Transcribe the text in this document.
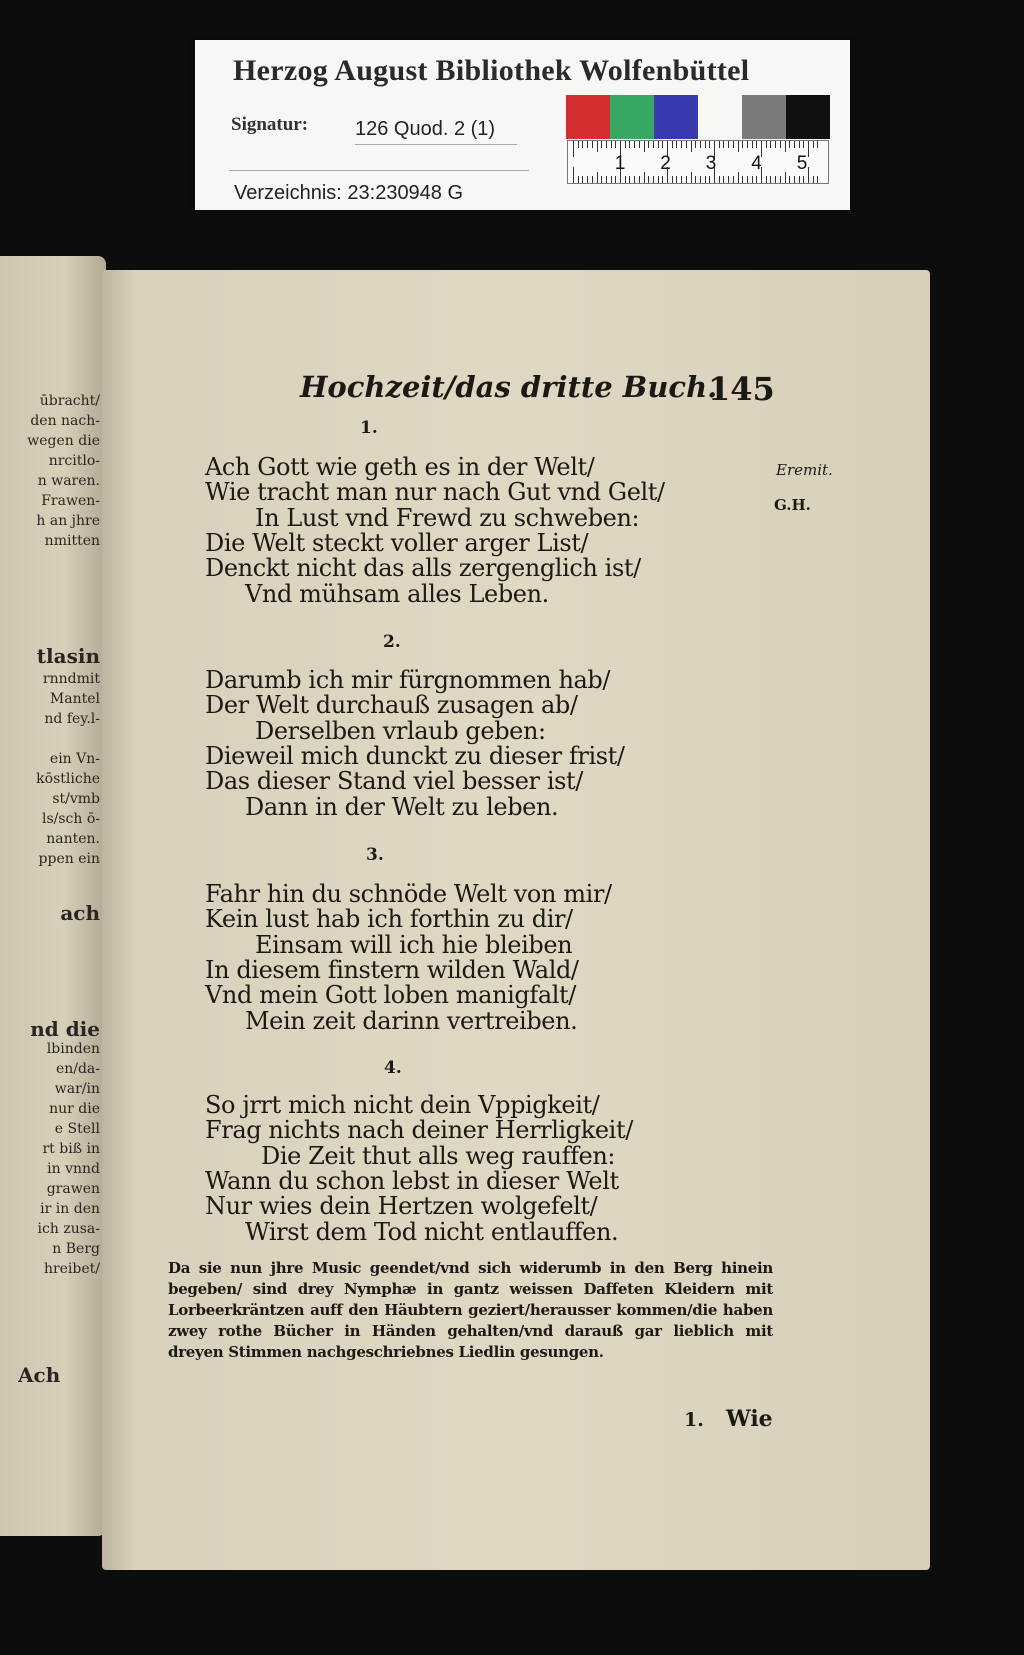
Herzog August Bibliothek Wolfenbüttel
Signatur: 126 Quod. 2 (1)
Verzeichnis: 23:230948 G
1 2 3 4 5
ūbracht/
den nach-
wegen die
nrcitlo-
n waren.
Frawen-
h an jhre
nmitten
tlasin
rnndmit
Mantel
nd fey.l-
ein Vn-
kōstliche
st/vmb
ls/sch ō-
nanten.
ppen ein
ach
nd die
lbinden
en/da-
war/in
nur die
e Stell
rt biß in
in vnnd
grawen
ir in den
ich zusa-
n Berg
hreibet/
Ach
Hochzeit/das dritte Buch.
145
Eremit.
G.H.
1.
Ach Gott wie geth es in der Welt/
Wie tracht man nur nach Gut vnd Gelt/
In Lust vnd Frewd zu schweben:
Die Welt steckt voller arger List/
Denckt nicht das alls zergenglich ist/
Vnd mühsam alles Leben.
2.
Darumb ich mir fürgnommen hab/
Der Welt durchauß zusagen ab/
Derselben vrlaub geben:
Dieweil mich dunckt zu dieser frist/
Das dieser Stand viel besser ist/
Dann in der Welt zu leben.
3.
Fahr hin du schnöde Welt von mir/
Kein lust hab ich forthin zu dir/
Einsam will ich hie bleiben
In diesem finstern wilden Wald/
Vnd mein Gott loben manigfalt/
Mein zeit darinn vertreiben.
4.
So jrrt mich nicht dein Vppigkeit/
Frag nichts nach deiner Herrligkeit/
Die Zeit thut alls weg rauffen:
Wann du schon lebst in dieser Welt
Nur wies dein Hertzen wolgefelt/
Wirst dem Tod nicht entlauffen.
Da sie nun jhre Music geendet/vnd sich widerumb in den Berg hinein begeben/ sind drey Nymphæ in gantz weissen Daffeten Kleidern mit Lorbeerkräntzen auff den Häubtern geziert/herausser kommen/die haben zwey rothe Bücher in Händen gehalten/vnd darauß gar lieblich mit dreyen Stimmen nachgeschriebnes Liedlin gesungen.
1. Wie
